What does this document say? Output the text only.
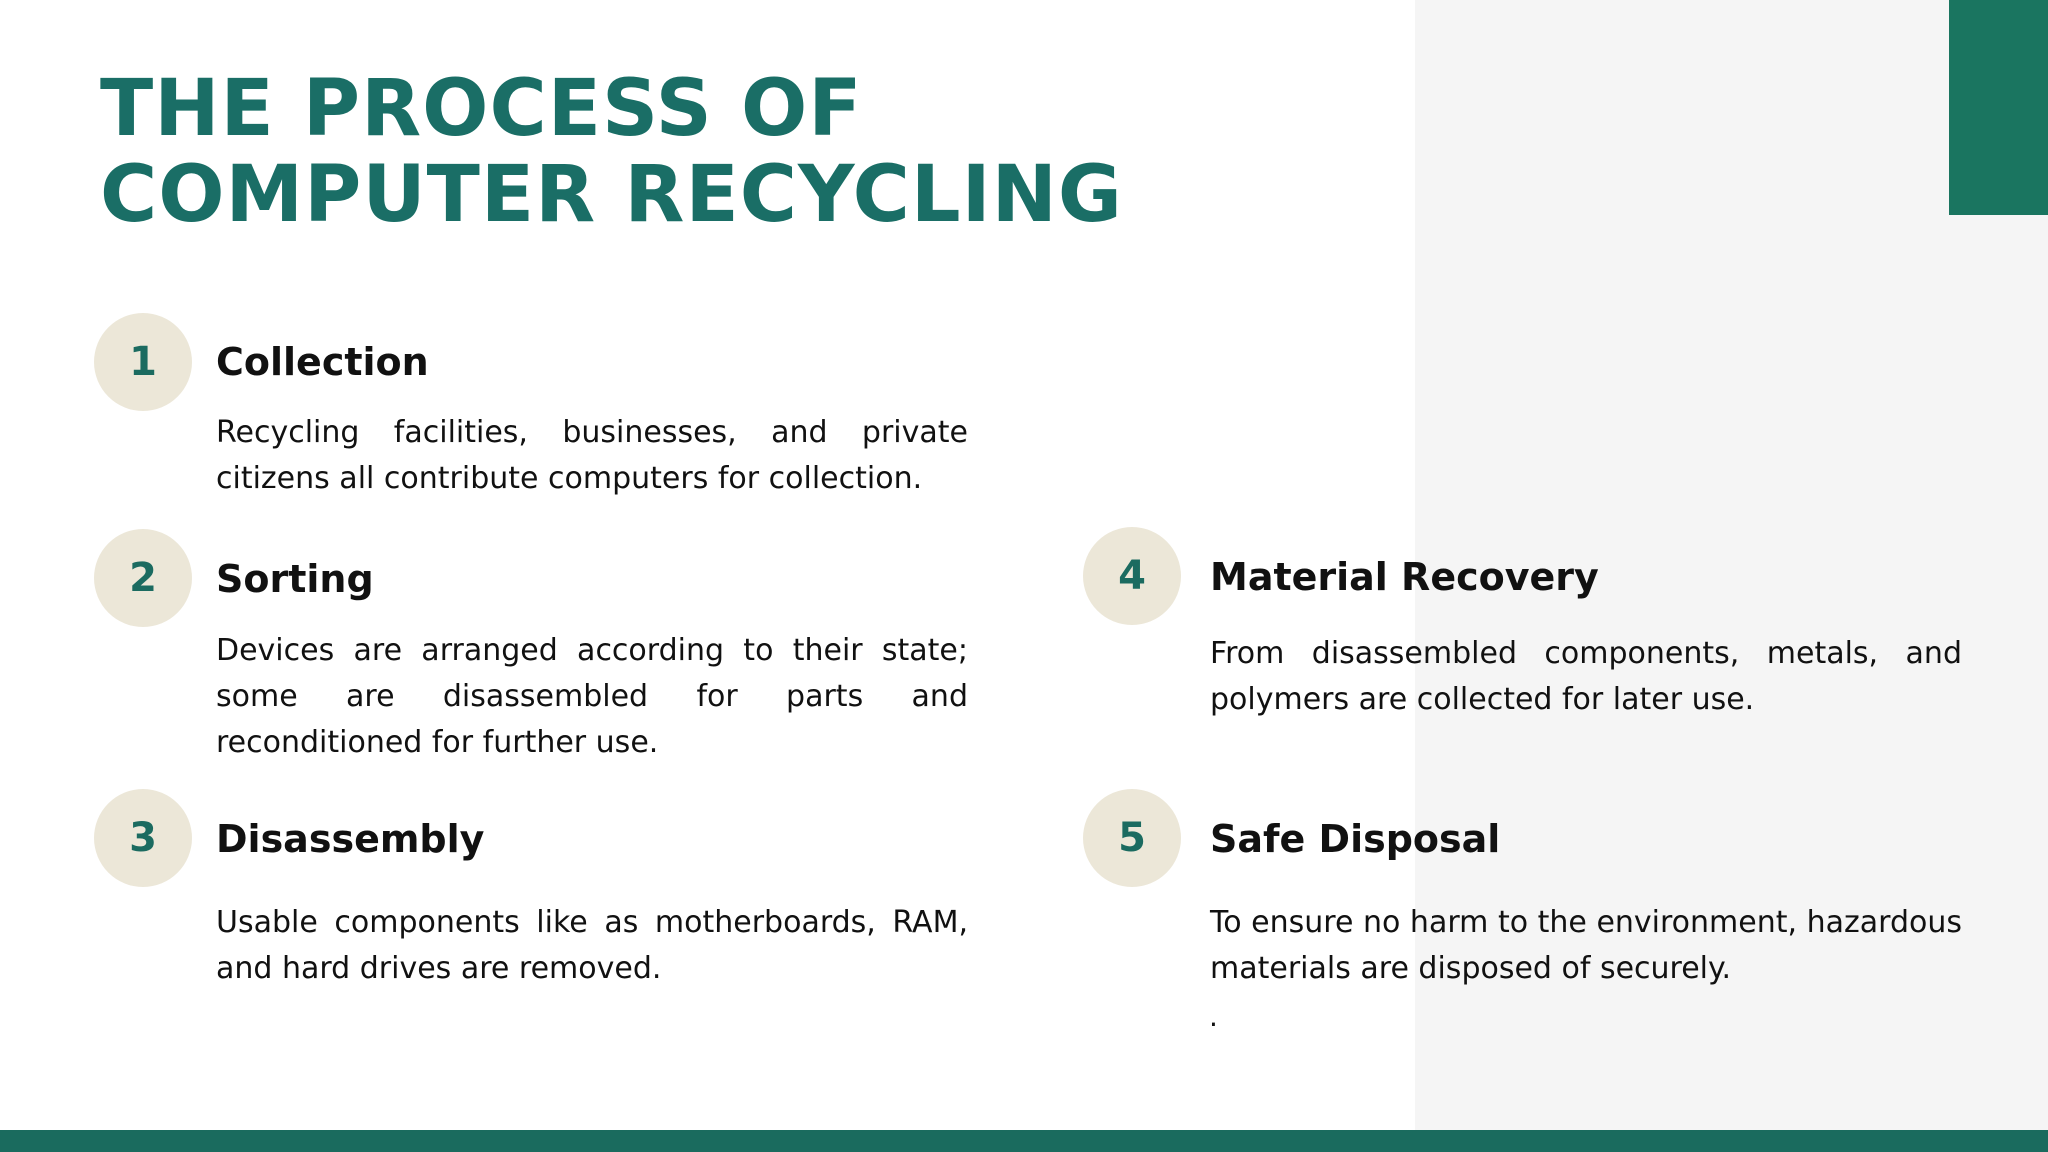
THE PROCESS OF
COMPUTER RECYCLING
1	Collection

Recycling facilities, businesses, and private citizens all contribute computers for collection.

2	Sorting

Devices are arranged according to their state; some are disassembled for parts and reconditioned for further use.

3	Disassembly

Usable components like as motherboards, RAM, and hard drives are removed.

4	Material Recovery

From disassembled components, metals, and polymers are collected for later use.

5	Safe Disposal

To ensure no harm to the environment, hazardous materials are disposed of securely.

.
